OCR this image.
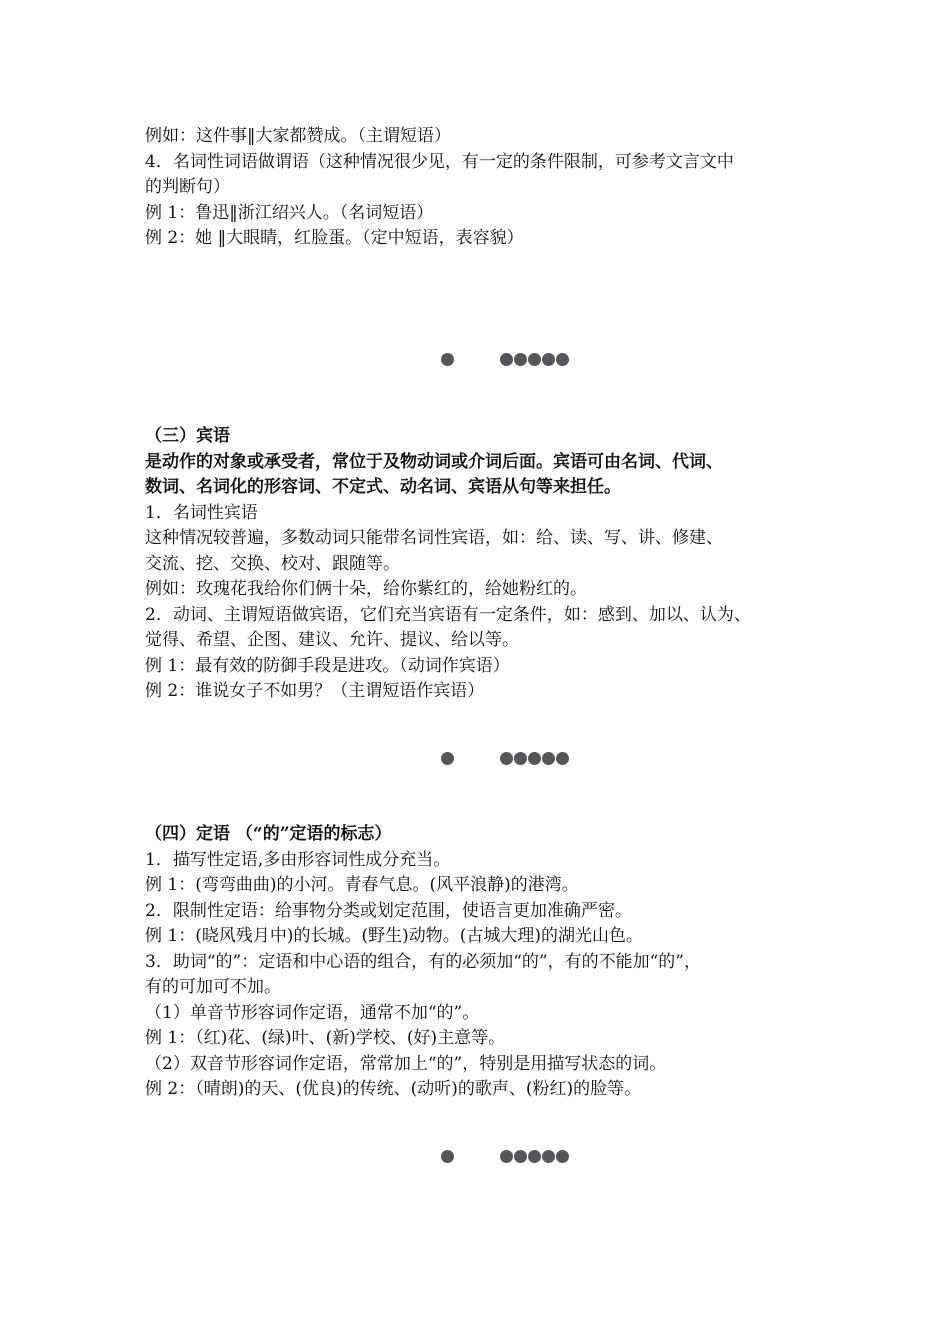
例如：这件事‖大家都赞成。（主谓短语）

4．名词性词语做谓语（这种情况很少见，有一定的条件限制，可参考文言文中

的判断句）

例 1：鲁迅‖浙江绍兴人。（名词短语）

例 2：她 ‖大眼睛，红脸蛋。（定中短语，表容貌）

（三）宾语

是动作的对象或承受者，常位于及物动词或介词后面。宾语可由名词、代词、

数词、名词化的形容词、不定式、动名词、宾语从句等来担任。

1．名词性宾语

这种情况较普遍，多数动词只能带名词性宾语，如：给、读、写、讲、修建、

交流、挖、交换、校对、跟随等。

例如：玫瑰花我给你们俩十朵，给你紫红的，给她粉红的。

2．动词、主谓短语做宾语，它们充当宾语有一定条件，如：感到、加以、认为、

觉得、希望、企图、建议、允许、提议、给以等。

例 1：最有效的防御手段是进攻。（动词作宾语）

例 2：谁说女子不如男？（主谓短语作宾语）

（四）定语 （“的”定语的标志）

1．描写性定语,多由形容词性成分充当。

例 1：(弯弯曲曲)的小河。青春气息。(风平浪静)的港湾。

2．限制性定语：给事物分类或划定范围，使语言更加准确严密。

例 1：(晓风残月中)的长城。(野生)动物。(古城大理)的湖光山色。

3．助词“的”：定语和中心语的组合，有的必须加“的”，有的不能加“的”，

有的可加可不加。

（1）单音节形容词作定语，通常不加“的”。

例 1：（红)花、(绿)叶、(新)学校、(好)主意等。

（2）双音节形容词作定语，常常加上“的”，特别是用描写状态的词。

例 2：（晴朗)的天、(优良)的传统、(动听)的歌声、(粉红)的脸等。
